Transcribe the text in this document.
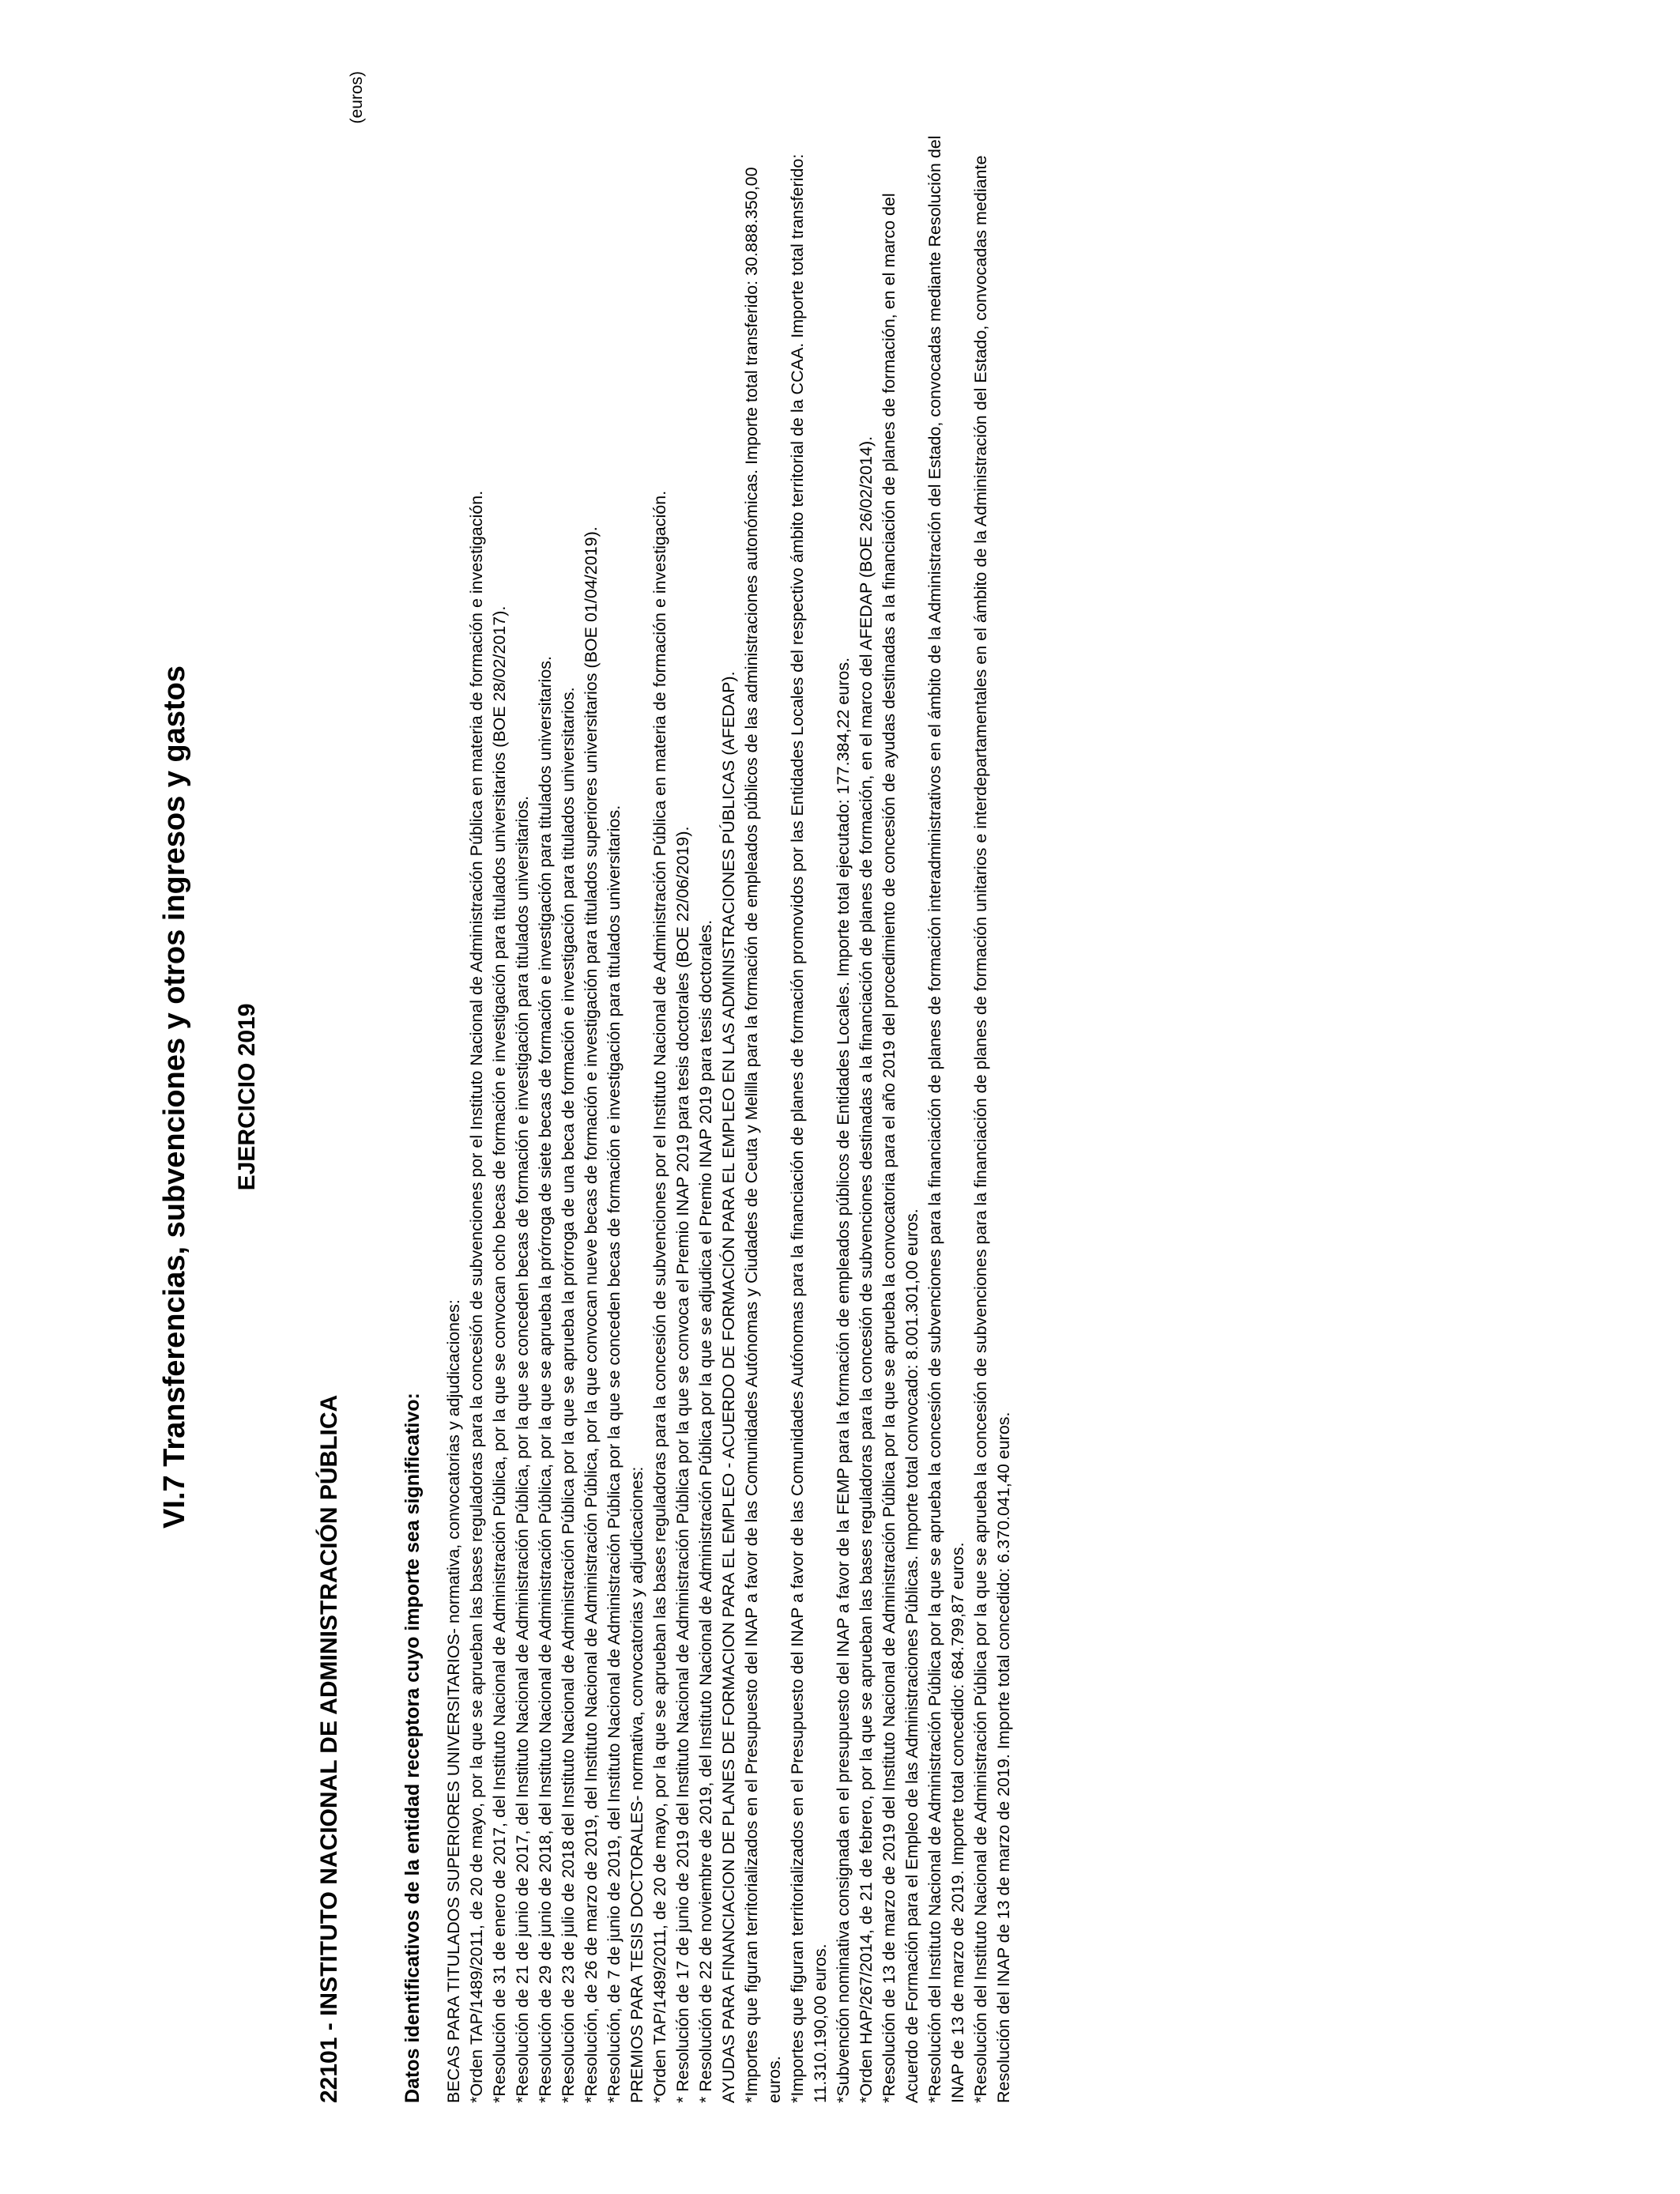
VI.7 Transferencias, subvenciones y otros ingresos y gastos EJERCICIO 2019
(euros)
22101 - INSTITUTO NACIONAL DE ADMINISTRACIÓN PÚBLICA	Datos identificativos de la entidad receptora cuyo importe sea significativo: BECAS PARA TITULADOS SUPERIORES UNIVERSITARIOS- normativa, convocatorias y adjudicaciones: *Orden TAP/1489/2011, de 20 de mayo, por la que se aprueban las bases reguladoras para la concesión de subvenciones por el Instituto Nacional de Administración Pública en materia de formación e investigación. *Resolución de 31 de enero de 2017, del Instituto Nacional de Administración Pública, por la que se convocan ocho becas de formación e investigación para titulados universitarios (BOE 28/02/2017). *Resolución de 21 de junio de 2017, del Instituto Nacional de Administración Pública, por la que se conceden becas de formación e investigación para titulados universitarios. *Resolución de 29 de junio de 2018, del Instituto Nacional de Administración Pública, por la que se aprueba la prórroga de siete becas de formación e investigación para titulados universitarios. *Resolución de 23 de julio de 2018 del Instituto Nacional de Administración Pública por la que se aprueba la prórroga de una beca de formación e investigación para titulados universitarios. *Resolución, de 26 de marzo de 2019, del Instituto Nacional de Administración Pública, por la que convocan nueve becas de formación e investigación para titulados superiores universitarios (BOE 01/04/2019). *Resolución, de 7 de junio de 2019, del Instituto Nacional de Administración Pública por la que se conceden becas de formación e investigación para titulados universitarios. PREMIOS PARA TESIS DOCTORALES- normativa, convocatorias y adjudicaciones: *Orden TAP/1489/2011, de 20 de mayo, por la que se aprueban las bases reguladoras para la concesión de subvenciones por el Instituto Nacional de Administración Pública en materia de formación e investigación. * Resolución de 17 de junio de 2019 del Instituto Nacional de Administración Pública por la que se convoca el Premio INAP 2019 para tesis doctorales (BOE 22/06/2019). * Resolución de 22 de noviembre de 2019, del Instituto Nacional de Administración Pública por la que se adjudica el Premio INAP 2019 para tesis doctorales. AYUDAS PARA FINANCIACION DE PLANES DE FORMACION PARA EL EMPLEO - ACUERDO DE FORMACIÓN PARA EL EMPLEO EN LAS ADMINISTRACIONES PÚBLICAS (AFEDAP). *Importes que figuran territorializados en el Presupuesto del INAP a favor de las Comunidades Autónomas y Ciudades de Ceuta y Melilla para la formación de empleados públicos de las administraciones autonómicas. Importe total transferido: 30.888.350,00 euros. *Importes que figuran territorializados en el Presupuesto del INAP a favor de las Comunidades Autónomas para la financiación de planes de formación promovidos por las Entidades Locales del respectivo ámbito territorial de la CCAA. Importe total transferido: 11.310.190,00 euros. *Subvención nominativa consignada en el presupuesto del INAP a favor de la FEMP para la formación de empleados públicos de Entidades Locales. Importe total ejecutado: 177.384,22 euros. *Orden HAP/267/2014, de 21 de febrero, por la que se aprueban las bases reguladoras para la concesión de subvenciones destinadas a la financiación de planes de formación, en el marco del AFEDAP (BOE 26/02/2014). *Resolución de 13 de marzo de 2019 del Instituto Nacional de Administración Pública por la que se aprueba la convocatoria para el año 2019 del procedimiento de concesión de ayudas destinadas a la financiación de planes de formación, en el marco del Acuerdo de Formación para el Empleo de las Administraciones Públicas. Importe total convocado: 8.001.301,00 euros. *Resolución del Instituto Nacional de Administración Pública por la que se aprueba la concesión de subvenciones para la financiación de planes de formación interadministrativos en el ámbito de la Administración del Estado, convocadas mediante Resolución del INAP de 13 de marzo de 2019. Importe total concedido: 684.799,87 euros. *Resolución del Instituto Nacional de Administración Pública por la que se aprueba la concesión de subvenciones para la financiación de planes de formación unitarios e interdepartamentales en el ámbito de la Administración del Estado, convocadas mediante Resolución del INAP de 13 de marzo de 2019. Importe total concedido: 6.370.041,40 euros.
